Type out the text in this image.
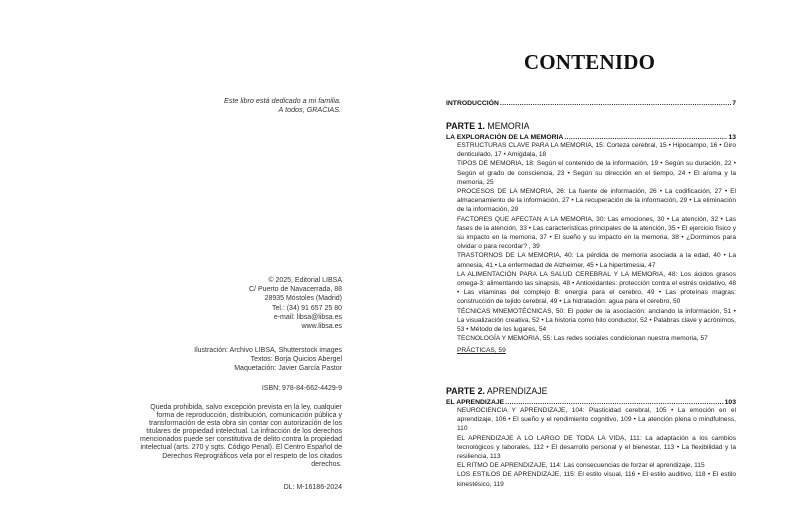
Este libro está dedicado a mi familia.
A todos, GRACIAS.
© 2025, Editorial LIBSA
C/ Puerto de Navacerrada, 88
28935 Móstoles (Madrid)
Tel.: (34) 91 657 25 80
e-mail: libsa@libsa.es
www.libsa.es
Ilustración: Archivo LIBSA, Shutterstock images
Textos: Borja Quicios Abergel
Maquetación: Javier García Pastor
ISBN: 978-84-662-4429-9
Queda prohibida, salvo excepción prevista en la ley, cualquier forma de reproducción, distribución, comunicación pública y transformación de esta obra sin contar con autorización de los titulares de propiedad intelectual. La infracción de los derechos mencionados puede ser constitutiva de delito contra la propiedad intelectual (arts. 270 y sgts. Código Penal). El Centro Español de Derechos Reprográficos vela por el respeto de los citados derechos.
DL: M-16186-2024
CONTENIDO
INTRODUCCIÓN .....	7
PARTE 1. MEMORIA
LA EXPLORACIÓN DE LA MEMORIA .....	13
ESTRUCTURAS CLAVE PARA LA MEMORIA, 15: Corteza cerebral, 15 • Hipocampo, 16 • Giro denticulado, 17 • Amígdala, 18
TIPOS DE MEMORIA, 18: Según el contenido de la información, 19 • Según su duración, 22 • Según el grado de consciencia, 23 • Según su dirección en el tiempo, 24 • El aroma y la memoria, 25
PROCESOS DE LA MEMORIA, 26: La fuente de información, 26 • La codificación, 27 • El almacenamiento de la información, 27 • La recuperación de la información, 29 • La eliminación de la información, 29
FACTORES QUE AFECTAN A LA MEMORIA, 30: Las emociones, 30 • La atención, 32 • Las fases de la atención, 33 • Las características principales de la atención, 35 • El ejercicio físico y su impacto en la memoria, 37 • El sueño y su impacto en la memoria, 38 • ¿Dormimos para olvidar o para recordar? , 39
TRASTORNOS DE LA MEMORIA, 40: La pérdida de memoria asociada a la edad, 40 • La amnesia, 41 • La enfermedad de Alzheimer, 45 • La hipertimesia, 47
LA ALIMENTACIÓN PARA LA SALUD CEREBRAL Y LA MEMORIA, 48: Los ácidos grasos omega-3: alimentando las sinapsis, 48 • Antioxidantes: protección contra el estrés oxidativo, 48 • Las vitaminas del complejo B: energía para el cerebro, 49 • Las proteínas magras: construcción de tejido cerebral, 49 • La hidratación: agua para el cerebro, 50
TÉCNICAS MNEMOTÉCNICAS, 50: El poder de la asociación: anclando la información, 51 • La visualización creativa, 52 • La historia como hilo conductor, 52 • Palabras clave y acrónimos, 53 • Método de los lugares, 54
TECNOLOGÍA Y MEMORIA, 55: Las redes sociales condicionan nuestra memoria, 57
PRÁCTICAS, 59
PARTE 2. APRENDIZAJE
EL APRENDIZAJE .....	103
NEUROCIENCIA Y APRENDIZAJE, 104: Plasticidad cerebral, 105 • La emoción en el aprendizaje, 106 • El sueño y el rendimiento cognitivo, 109 • La atención plena o mindfulness, 110
EL APRENDIZAJE A LO LARGO DE TODA LA VIDA, 111: La adaptación a los cambios tecnológicos y laborales, 112 • El desarrollo personal y el bienestar, 113 • La flexibilidad y la resiliencia, 113
EL RITMO DE APRENDIZAJE, 114: Las consecuencias de forzar el aprendizaje, 115
LOS ESTILOS DE APRENDIZAJE, 115: El estilo visual, 116 • El estilo auditivo, 118 • El estilo kinestésico, 119
